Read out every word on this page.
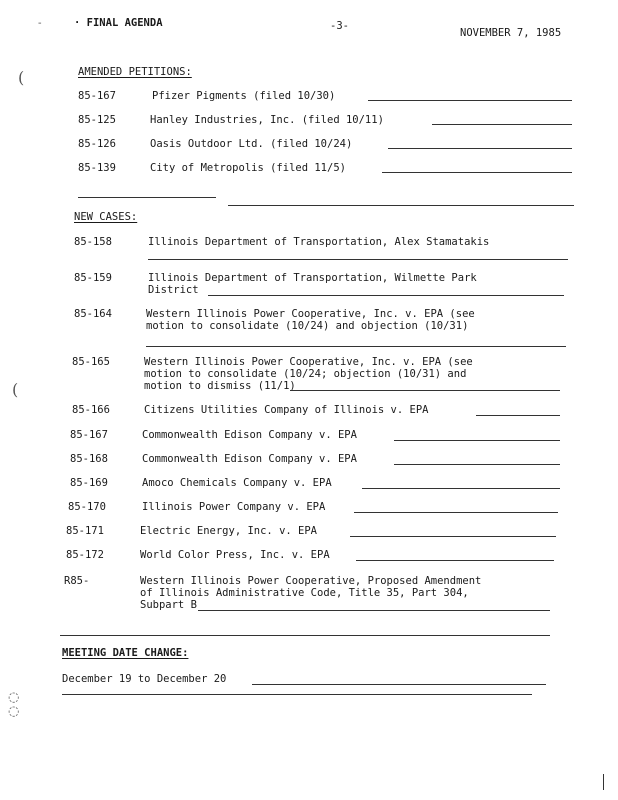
-	· FINAL AGENDA	-3-
NOVEMBER 7, 1985
AMENDED PETITIONS:
85-167	Pfizer Pigments (filed 10/30)
85-125	Hanley Industries, Inc. (filed 10/11)
85-126	Oasis Outdoor Ltd. (filed 10/24)
85-139	City of Metropolis (filed 11/5)
NEW CASES:
85-158	Illinois Department of Transportation, Alex Stamatakis
85-159	Illinois Department of Transportation, Wilmette Park
District
85-164	Western Illinois Power Cooperative, Inc. v. EPA (see
motion to consolidate (10/24) and objection (10/31)
85-165	Western Illinois Power Cooperative, Inc. v. EPA (see
motion to consolidate (10/24; objection (10/31) and
motion to dismiss (11/1)
85-166	Citizens Utilities Company of Illinois v. EPA
85-167	Commonwealth Edison Company v. EPA
85-168	Commonwealth Edison Company v. EPA
85-169	Amoco Chemicals Company v. EPA
85-170	Illinois Power Company v. EPA
85-171	Electric Energy, Inc. v. EPA
85-172	World Color Press, Inc. v. EPA
R85-	Western Illinois Power Cooperative, Proposed Amendment
of Illinois Administrative Code, Title 35, Part 304,
Subpart B
MEETING DATE CHANGE:
December 19 to December 20
(
(
◌
◌
